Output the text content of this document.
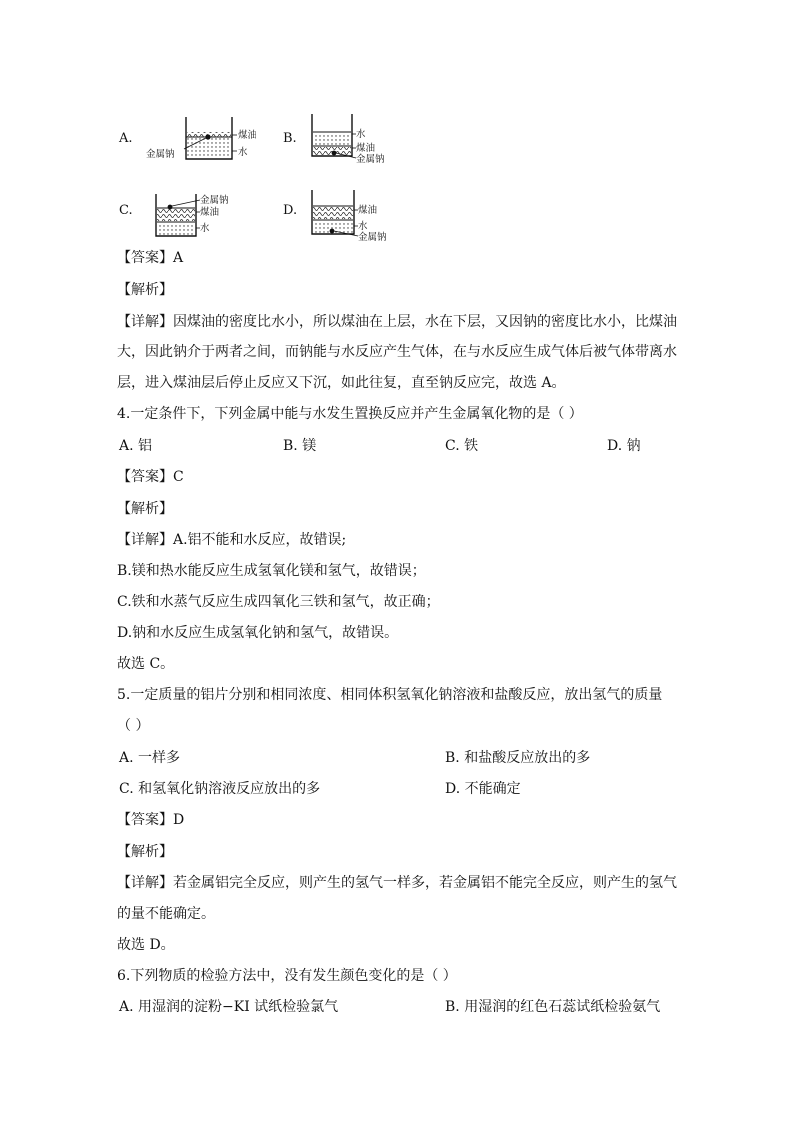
A.	煤油
金属钠	水
B.	水
煤油
金属钠
C.
金属钠
煤油
水
D.	煤油
水
金属钠
【答案】A
【解析】
【详解】因煤油的密度比水小，所以煤油在上层，水在下层，又因钠的密度比水小，比煤油
大，因此钠介于两者之间，而钠能与水反应产生气体，在与水反应生成气体后被气体带离水
层，进入煤油层后停止反应又下沉，如此往复，直至钠反应完，故选 A。
4.一定条件下，下列金属中能与水发生置换反应并产生金属氧化物的是（ ）
A. 铝	B. 镁	C. 铁	D. 钠
【答案】C
【解析】
【详解】A.铝不能和水反应，故错误;
B.镁和热水能反应生成氢氧化镁和氢气，故错误；
C.铁和水蒸气反应生成四氧化三铁和氢气，故正确；
D.钠和水反应生成氢氧化钠和氢气，故错误。
故选 C。
5.一定质量的铝片分别和相同浓度、相同体积氢氧化钠溶液和盐酸反应，放出氢气的质量
（ ）
A. 一样多	B. 和盐酸反应放出的多
C. 和氢氧化钠溶液反应放出的多	D. 不能确定
【答案】D
【解析】
【详解】若金属铝完全反应，则产生的氢气一样多，若金属铝不能完全反应，则产生的氢气
的量不能确定。
故选 D。
6.下列物质的检验方法中，没有发生颜色变化的是（ ）
A. 用湿润的淀粉−KI 试纸检验氯气	B. 用湿润的红色石蕊试纸检验氨气
